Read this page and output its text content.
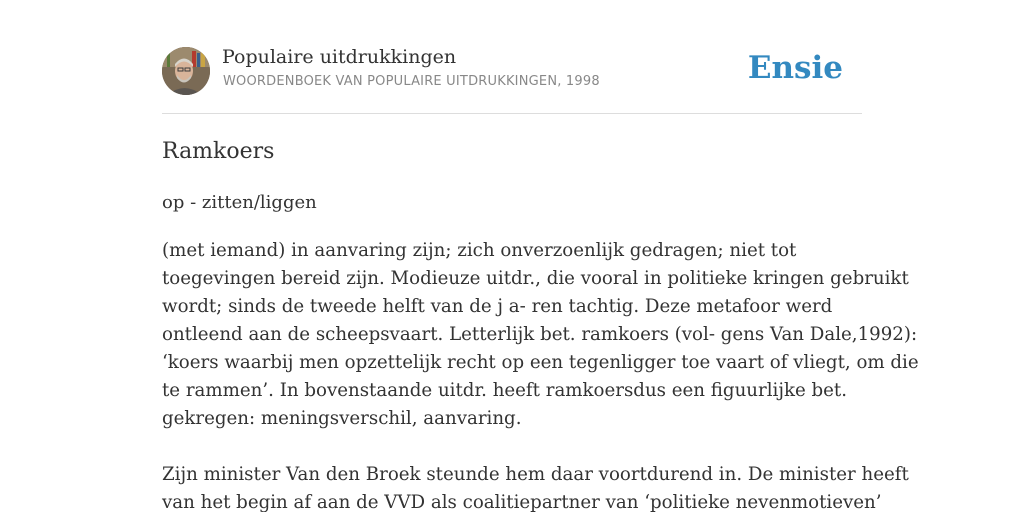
Populaire uitdrukkingen
WOORDENBOEK VAN POPULAIRE UITDRUKKINGEN, 1998	Ensie
Ramkoers

op - zitten/liggen

(met iemand) in aanvaring zijn; zich onverzoenlijk gedragen; niet tot

toegevingen bereid zijn. Modieuze uitdr., die vooral in politieke kringen gebruikt

wordt; sinds de tweede helft van de j a- ren tachtig. Deze metafoor werd

ontleend aan de scheepsvaart. Letterlijk bet. ramkoers (vol- gens Van Dale,1992):

‘koers waarbij men opzettelijk recht op een tegenligger toe vaart of vliegt, om die

te rammen’. In bovenstaande uitdr. heeft ramkoersdus een figuurlijke bet.

gekregen: meningsverschil, aanvaring.

Zijn minister Van den Broek steunde hem daar voortdurend in. De minister heeft

van het begin af aan de VVD als coalitiepartner van ‘politieke nevenmotieven’
